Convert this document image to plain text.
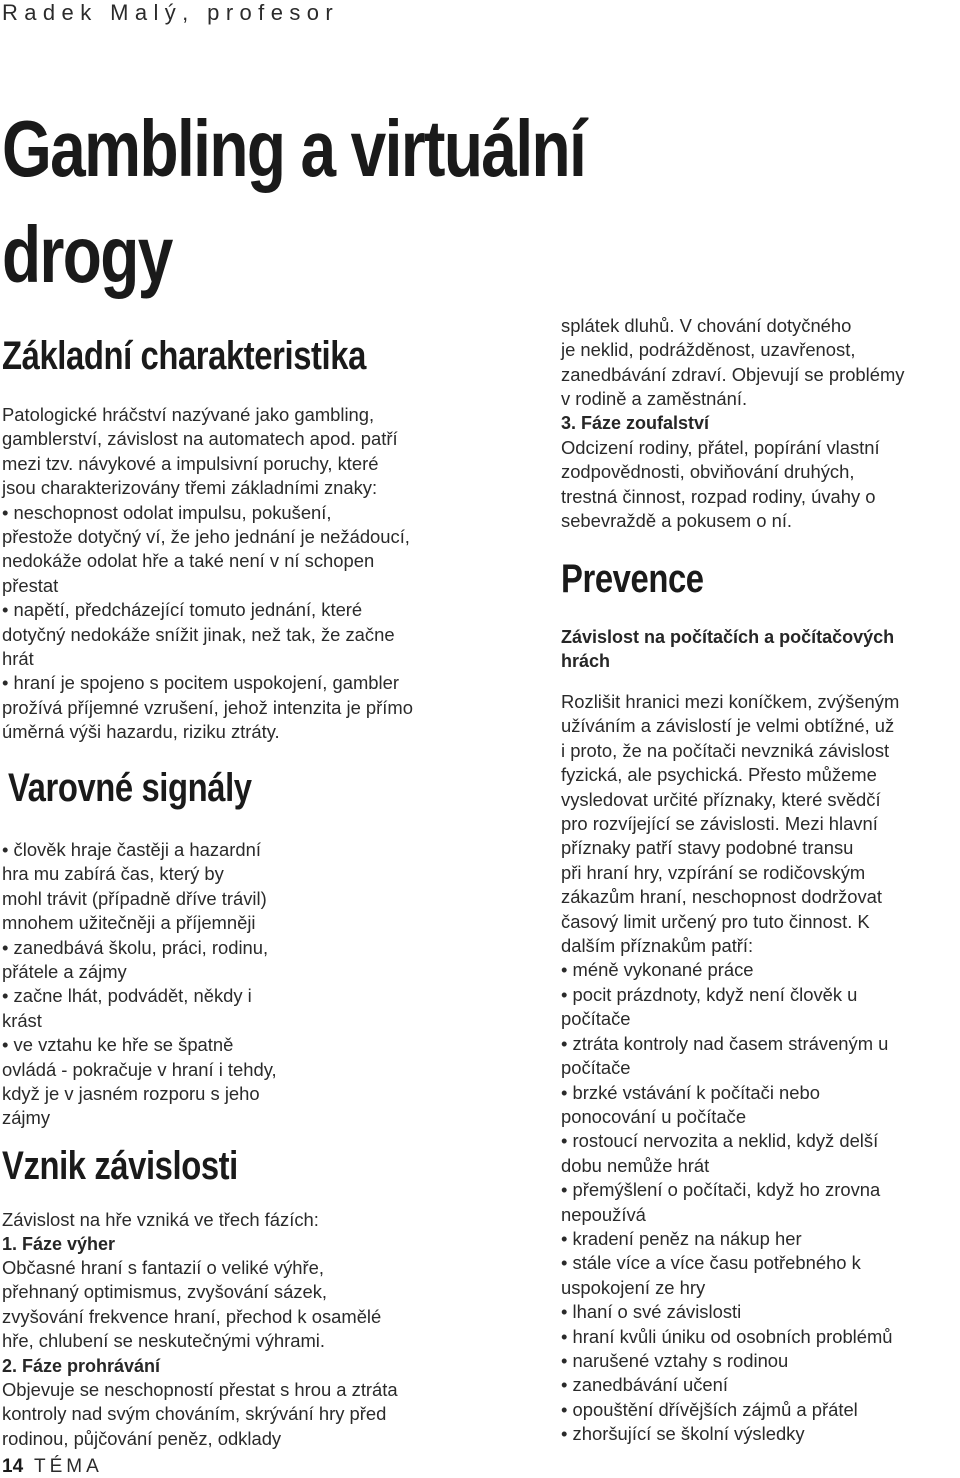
Radek Malý, profesor
Gambling a virtuální
drogy
Základní charakteristika
Patologické hráčství nazývané jako gambling,
gamblerství, závislost na automatech apod. patří
mezi tzv. návykové a impulsivní poruchy, které
jsou charakterizovány třemi základními znaky:
• neschopnost odolat impulsu, pokušení,
přestože dotyčný ví, že jeho jednání je nežádoucí,
nedokáže odolat hře a také není v ní schopen
přestat
• napětí, předcházející tomuto jednání, které
dotyčný nedokáže snížit jinak, než tak, že začne
hrát
• hraní je spojeno s pocitem uspokojení, gambler
prožívá příjemné vzrušení, jehož intenzita je přímo
úměrná výši hazardu, riziku ztráty.
Varovné signály
• člověk hraje častěji a hazardní
hra mu zabírá čas, který by
mohl trávit (případně dříve trávil)
mnohem užitečněji a příjemněji
• zanedbává školu, práci, rodinu,
přátele a zájmy
• začne lhát, podvádět, někdy i
krást
• ve vztahu ke hře se špatně
ovládá - pokračuje v hraní i tehdy,
když je v jasném rozporu s jeho
zájmy
Vznik závislosti
Závislost na hře vzniká ve třech fázích:
1. Fáze výher
Občasné hraní s fantazií o veliké výhře,
přehnaný optimismus, zvyšování sázek,
zvyšování frekvence hraní, přechod k osamělé
hře, chlubení se neskutečnými výhrami.
2. Fáze prohrávání
Objevuje se neschopností přestat s hrou a ztráta
kontroly nad svým chováním, skrývání hry před
rodinou, půjčování peněz, odklady
splátek dluhů. V chování dotyčného
je neklid, podrážděnost, uzavřenost,
zanedbávání zdraví. Objevují se problémy
v rodině a zaměstnání.
3. Fáze zoufalství
Odcizení rodiny, přátel, popírání vlastní
zodpovědnosti, obviňování druhých,
trestná činnost, rozpad rodiny, úvahy o
sebevraždě a pokusem o ní.
Prevence
Závislost na počítačích a počítačových
hrách
Rozlišit hranici mezi koníčkem, zvýšeným
užíváním a závislostí je velmi obtížné, už
i proto, že na počítači nevzniká závislost
fyzická, ale psychická. Přesto můžeme
vysledovat určité příznaky, které svědčí
pro rozvíjející se závislosti. Mezi hlavní
příznaky patří stavy podobné transu
při hraní hry, vzpírání se rodičovským
zákazům hraní, neschopnost dodržovat
časový limit určený pro tuto činnost. K
dalším příznakům patří:
• méně vykonané práce
• pocit prázdnoty, když není člověk u
počítače
• ztráta kontroly nad časem stráveným u
počítače
• brzké vstávání k počítači nebo
ponocování u počítače
• rostoucí nervozita a neklid, když delší
dobu nemůže hrát
• přemýšlení o počítači, když ho zrovna
nepoužívá
• kradení peněz na nákup her
• stále více a více času potřebného k
uspokojení ze hry
• lhaní o své závislosti
• hraní kvůli úniku od osobních problémů
• narušené vztahy s rodinou
• zanedbávání učení
• opouštění dřívějších zájmů a přátel
• zhoršující se školní výsledky
14 TÉMA
